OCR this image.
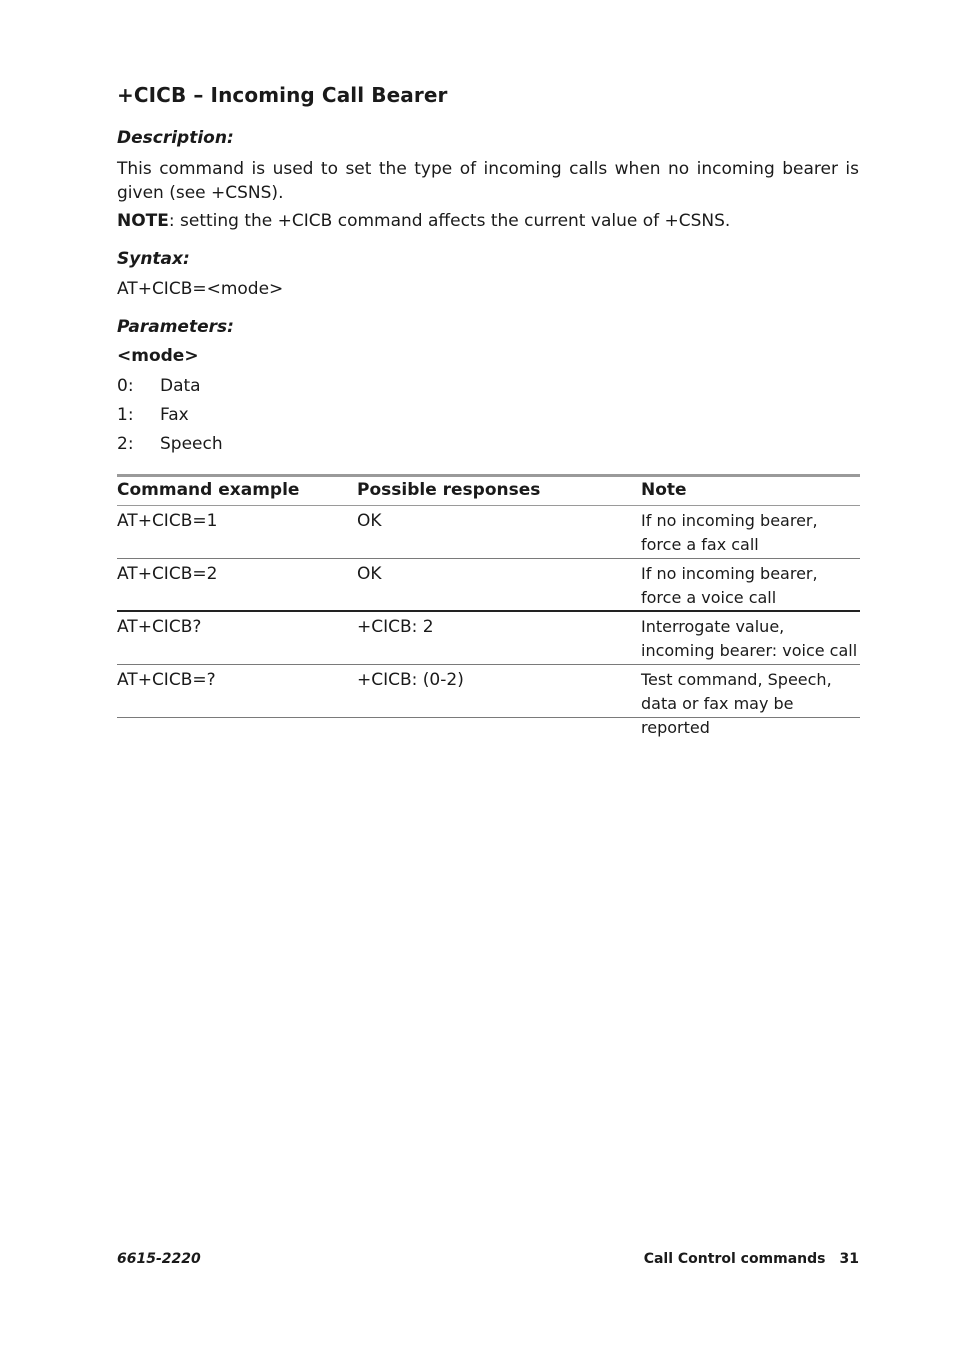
+CICB – Incoming Call Bearer
Description:

This command is used to set the type of incoming calls when no incoming bearer is given (see +CSNS).

NOTE: setting the +CICB command affects the current value of +CSNS.

Syntax:

AT+CICB=<mode>

Parameters:
<mode>
0: Data
1: Fax
2: Speech
Command example	Possible responses	Note
AT+CICB=1	OK	If no incoming bearer, force a fax call
AT+CICB=2	OK	If no incoming bearer, force a voice call
AT+CICB?	+CICB: 2	Interrogate value, incoming bearer: voice call
AT+CICB=?	+CICB: (0-2)	Test command, Speech, data or fax may be reported
6615-2220	Call Control commands 31
